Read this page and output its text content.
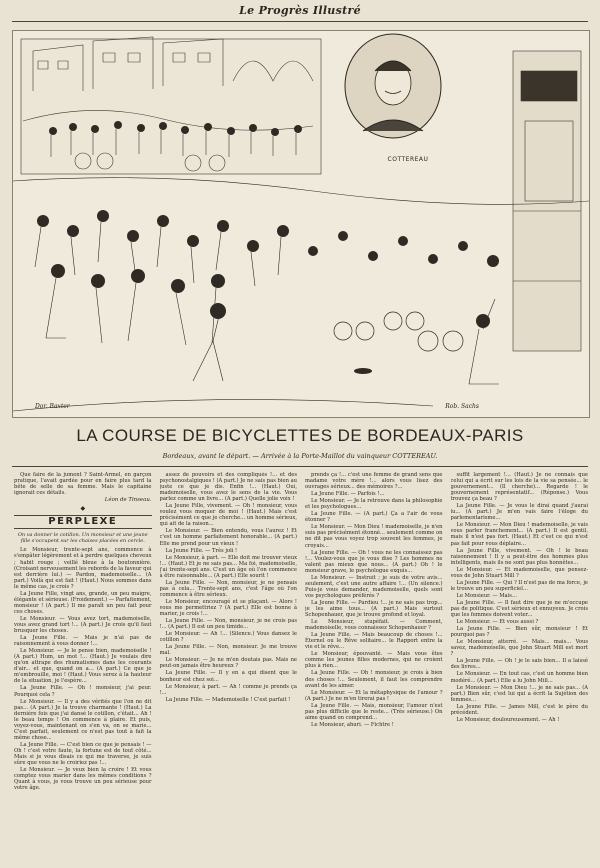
Le Progrès Illustré
COTTEREAU
Dor. Baxter	Rob. Sachs
LA COURSE DE BICYCLETTES DE BORDEAUX-PARIS
Bordeaux, avant le départ. — Arrivée à la Porte-Maillot du vainqueur COTTEREAU.

Que faire de la jument ? Saint-Armel, en garçon pratique, l'avait gardée pour en faire plus tard la bête de selle de sa femme. Mais le capitaine ignorait ces détails.

Léon de Tinseau.
◆
PERPLEXE
On va donner le cotillon. Un monsieur et une jeune fille s'occupent sur les chaises placées en cercle.

Le Monsieur, trente-sept ans, commence à s'empâter légèrement et à perdre quelques cheveux ; habit rouge ; veillé bleue à la boutonnière. (Croisant nerveusement les rebords de la faveur qui est derrière lui.) — Pardon, mademoiselle... (A part.) Voilà qui est fait ! (Haut.) Nous sommes dans le même cas, je crois ?

La Jeune Fille, vingt ans, grande, un peu maigre, élégante et sérieuse. (Froidement.) — Parfaitement, monsieur ! (A part.) Il me paraît un peu fait pour ces choses.

Le Monsieur. — Vous avez tort, mademoiselle, vous avez grand tort !... (A part.) Je crois qu'il faut brusquer les choses.

La Jeune Fille. — Mais je n'ai pas de raisonnement à vous donner !...

Le Monsieur. — Je le pense bien, mademoiselle ! (A part.) Hum, un mot !... (Haut.) Je voulais dire qu'on attrape des rhumatismes dans les courants d'air... et que, quand on a... (A part.) Ce que je m'embrouille, moi ! (Haut.) Vous serez à la hauteur de la situation, je l'espère...

La Jeune Fille. — Oh ! monsieur, j'ai peur. Pourquoi cela ?

Le Monsieur. — Il y a des vérités que l'on ne dit pas... (A part.) Je la trouve charmante ! (Haut.) La dernière fois que j'ai dansé le cotillon, c'était... Ah ! le beau temps ! On commence à plaire. Et puis, voyez-vous, maintenant on s'en va, on se marie... C'est parfait, seulement ce n'est pas tout à fait la même chose...

La Jeune Fille. — C'est bien ce que je pensais ! — Oh ! c'est votre faute, la fortune est de tout côté... Mais si je vous disais ce qui me traverse, je suis sûre que vous ne le croiriez pas !...

Le Monsieur. — Je veux bien la croire ! Et vous comptez vous marier dans les mêmes conditions ? Quant à vous, je vous trouve un peu sérieuse pour votre âge.

assez de pouvoirs et des compliqués !... et des psychonostalgiques ! (A part.) Je ne sais pas bien au juste ce que je dis. Enfin !... (Haut.) Oui, mademoiselle, vous avez le sens de la vie. Vous parlez comme un livre... (A part.) Quelle jolie voix !

La Jeune Fille, vivement. — Oh ! monsieur, vous voulez vous moquer de moi ! (Haut.) Mais c'est précisément ce que je cherche... un homme sérieux, qui ait de la raison...

Le Monsieur. — Bien entendu, vous l'aurez ! Et c'est un homme parfaitement honorable... (A part.) Elle me prend pour un vieux !

La Jeune Fille. — Très joli !

Le Monsieur, à part. — Elle doit me trouver vieux !... (Haut.) Et je ne sais pas... Ma foi, mademoiselle, j'ai trente-sept ans. C'est un âge où l'on commence à être raisonnable... (A part.) Elle sourit !

La Jeune Fille. — Non, monsieur, je ne pensais pas à cela... Trente-sept ans, c'est l'âge où l'on commence à être sérieux.

Le Monsieur, encouragé et se plaçant. — Alors ! vous me permettriez ? (A part.) Elle est bonne à marier, je crois !...

La Jeune Fille. — Non, monsieur, je ne crois pas !... (A part.) Il est un peu timide...

Le Monsieur. — Ah !... (Silence.) Vous dansez le cotillon ?

La Jeune Fille. — Non, monsieur. Je me trouve mal.

Le Monsieur. — Je ne m'en doutais pas. Mais ne peut-on jamais être heureux ?

La Jeune Fille. — Il y en a qui disent que le bonheur est chez soi...

Le Monsieur, à part. — Ah ! comme je prends ça !...

La Jeune Fille. — Mademoiselle ! C'est parfait !

prends ça !... c'est une femme de grand sens que madame votre mère !... alors vous lisez des ouvrages sérieux... des mémoires ?...

La Jeune Fille. — Parfois !...

Le Monsieur. — Je la retrouve dans la philosophie et les psychologues...

La Jeune Fille. — (A part.) Ça a l'air de vous étonner ?

Le Monsieur. — Mon Dieu ! mademoiselle, je n'en suis pas précisément étonné... seulement comme on ne dit pas vous voyez trop souvent les femmes, je croyais...

La Jeune Fille. — Oh ! vous ne les connaissez pas !... Voulez-vous que je vous dise ? Les hommes ne valent pas mieux que nous... (A part.) Oh ! le monsieur grave, le psychologue exquis...

Le Monsieur. — Instruit ; je suis de votre avis... seulement, c'est une autre affaire !... (Un silence.) Puis-je vous demander, mademoiselle, quels sont vos psychologues préférés ?

La Jeune Fille. — Pardieu !... je ne sais pas trop... je les aime tous... (A part.) Mais surtout Schopenhauer, que je trouve profond et loyal.

Le Monsieur, stupéfait. — Comment, mademoiselle, vous connaissez Schopenhauer ?

La Jeune Fille. — Mais beaucoup de choses !... Éternel ou le Rêve solitaire... le Rapport entre la vie et le rêve...

Le Monsieur, épouvanté. — Mais vous êtes comme les jeunes filles modernes, qui ne croient plus à rien...

La Jeune Fille. — Oh ! monsieur, je crois à bien des choses !... Seulement, il faut les comprendre avant de les aimer.

Le Monsieur. — Et la métaphysique de l'amour ? (A part.) Je ne m'en tirerai pas !

La Jeune Fille. — Mais, monsieur, l'amour n'est pas plus difficile que le reste... (Très sérieuse.) On aime quand on comprend...

Le Monsieur, ahuri. — Fichtre !

suffit largement !... (Haut.) Je ne connais que celui qui a écrit sur les lois de la vie sa pensée... le gouvernement... (Il cherche)... Regarde ! le gouvernement représentatif... (Réponse.) Vous trouvez ça beau ?

La Jeune Fille. — Je vous le dirai quand j'aurai lu... (A part.) Je m'en vais faire l'éloge du parlementarisme...

Le Monsieur. — Mon Dieu ! mademoiselle, je vais vous parler franchement... (A part.) Il est gentil, mais il n'est pas fort. (Haut.) Et c'est ce qui n'est pas fait pour vous déplaire...

La Jeune Fille, vivement. — Oh ! le beau raisonnement ! Il y a peut-être des hommes plus intelligents, mais ils ne sont pas plus honnêtes...

Le Monsieur. — Et mademoiselle, que pensez-vous de John Stuart Mill ?

La Jeune Fille. — Qui ? Il n'est pas de ma force, je le trouve un peu superficiel...

Le Monsieur. — Mais...

La Jeune Fille. — Il faut dire que je ne m'occupe pas de politique. C'est sérieux et ennuyeux. Je crois que les femmes doivent voter...

Le Monsieur. — Et vous aussi ?

La Jeune Fille. — Bien sûr, monsieur ! Et pourquoi pas ?

Le Monsieur, atterré. — Mais... mais... Vous savez, mademoiselle, que John Stuart Mill est mort ?

La Jeune Fille. — Oh ! je le sais bien... Il a laissé des livres...

Le Monsieur. — En tout cas, c'est un homme bien modéré... (A part.) Elle a lu John Mill...

Le Monsieur. — Mon Dieu !... je ne sais pas... (A part.) Bien sûr, c'est lui qui a écrit la Sujétion des femmes...

La Jeune Fille. — James Mill, c'est le père du précédent.

Le Monsieur, douloureusement. — Ah !
